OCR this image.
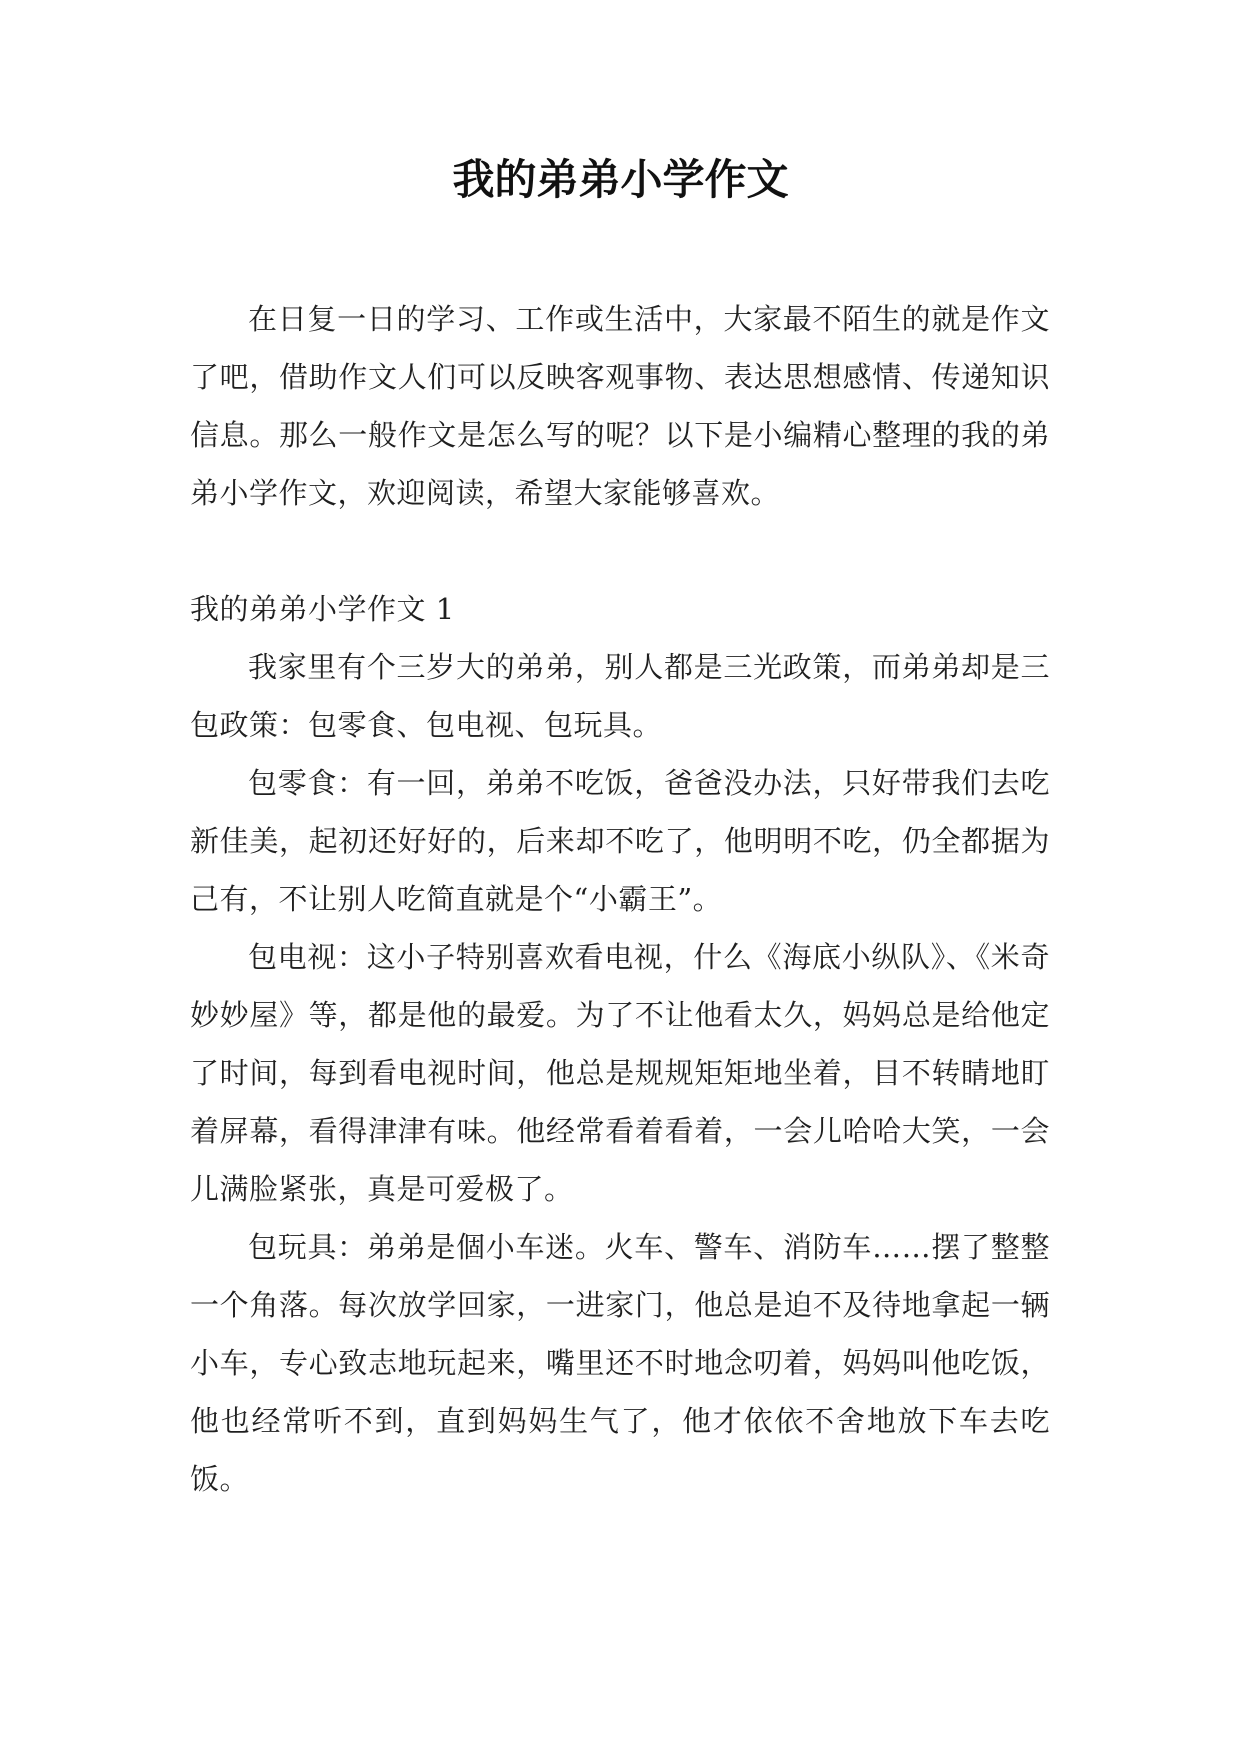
我的弟弟小学作文

在日复一日的学习、工作或生活中，大家最不陌生的就是作文了吧，借助作文人们可以反映客观事物、表达思想感情、传递知识信息。那么一般作文是怎么写的呢？以下是小编精心整理的我的弟弟小学作文，欢迎阅读，希望大家能够喜欢。

我的弟弟小学作文 1

我家里有个三岁大的弟弟，别人都是三光政策，而弟弟却是三包政策：包零食、包电视、包玩具。

包零食：有一回，弟弟不吃饭，爸爸没办法，只好带我们去吃新佳美，起初还好好的，后来却不吃了，他明明不吃，仍全都据为己有，不让别人吃简直就是个“小霸王”。

包电视：这小子特别喜欢看电视，什么《海底小纵队》、《米奇妙妙屋》等，都是他的最爱。为了不让他看太久，妈妈总是给他定了时间，每到看电视时间，他总是规规矩矩地坐着，目不转睛地盯着屏幕，看得津津有味。他经常看着看着，一会儿哈哈大笑，一会儿满脸紧张，真是可爱极了。

包玩具：弟弟是個小车迷。火车、警车、消防车……摆了整整一个角落。每次放学回家，一进家门，他总是迫不及待地拿起一辆小车，专心致志地玩起来，嘴里还不时地念叨着，妈妈叫他吃饭，他也经常听不到，直到妈妈生气了，他才依依不舍地放下车去吃饭。
